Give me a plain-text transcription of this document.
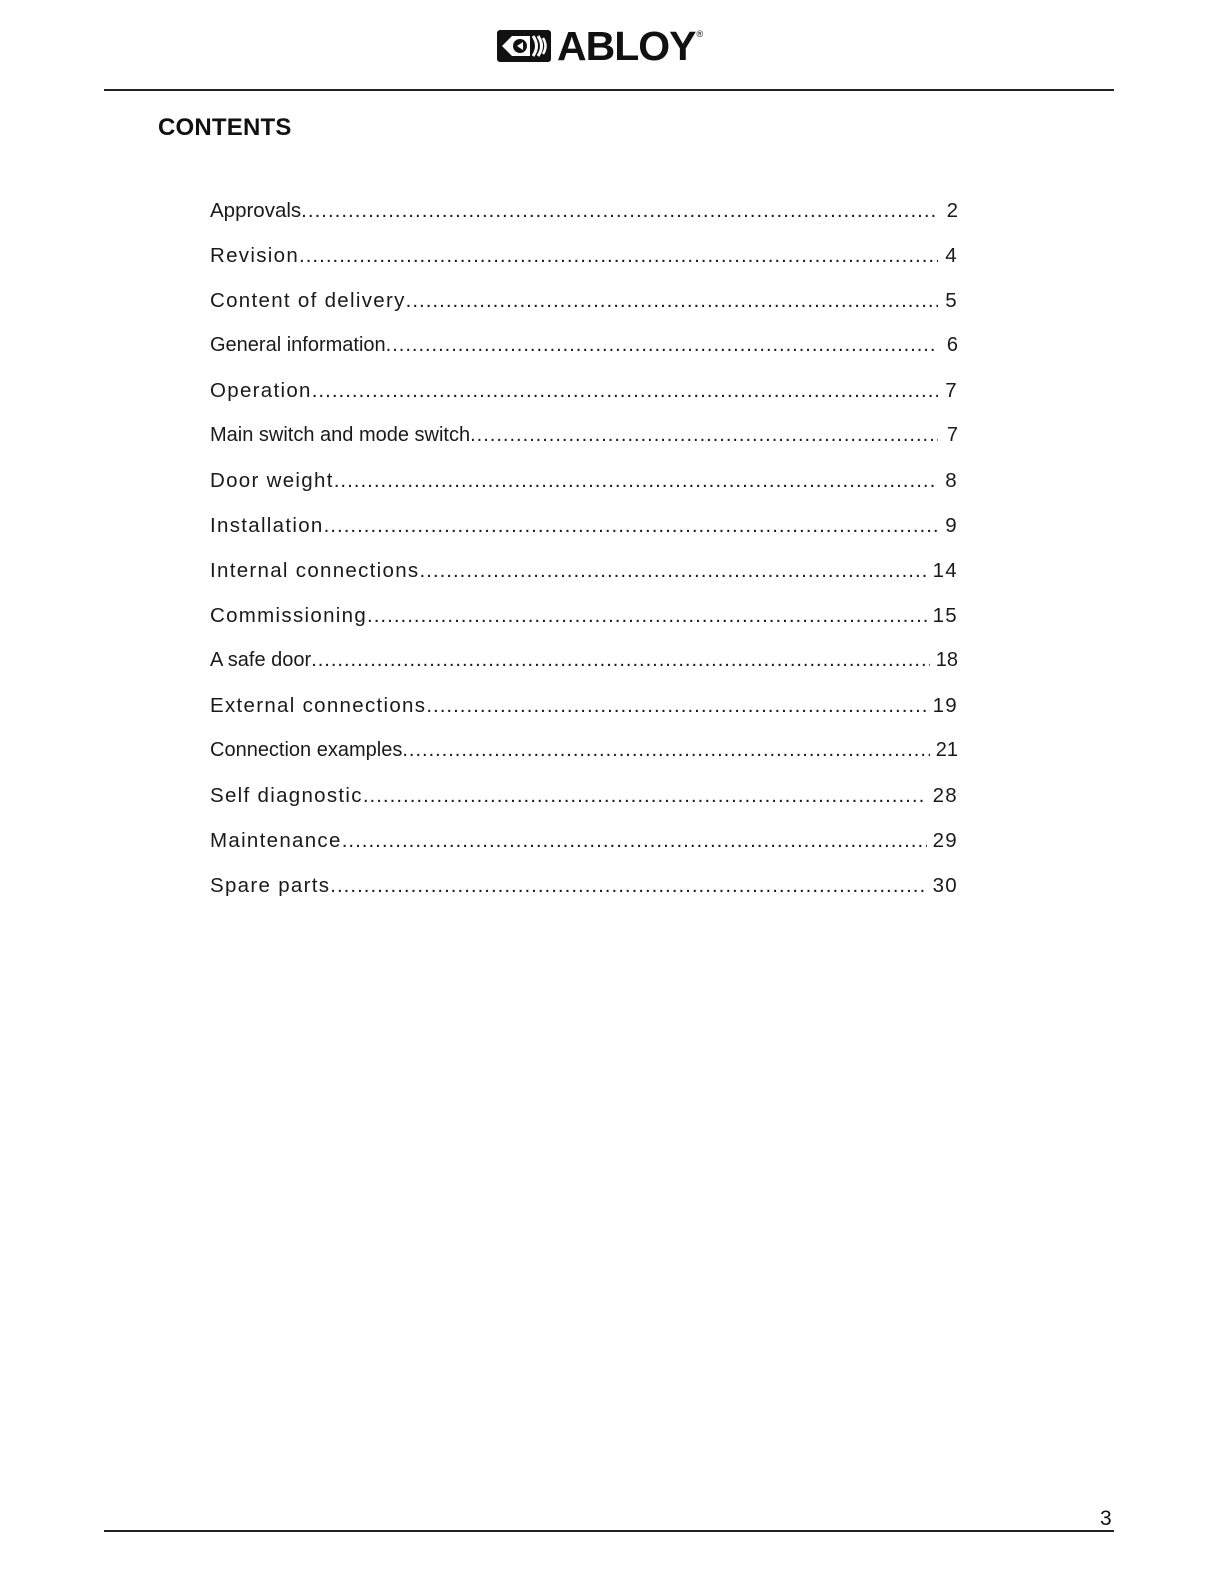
ABLOY ®
CONTENTS
Approvals .....	2
Revision .....	4
Content of delivery .....	5
General information .....	6
Operation .....	7
Main switch and mode switch .....	7
Door weight .....	8
Installation .....	9
Internal connections .....	14
Commissioning .....	15
A safe door .....	18
External connections .....	19
Connection examples .....	21
Self diagnostic .....	28
Maintenance .....	29
Spare parts .....	30
3
